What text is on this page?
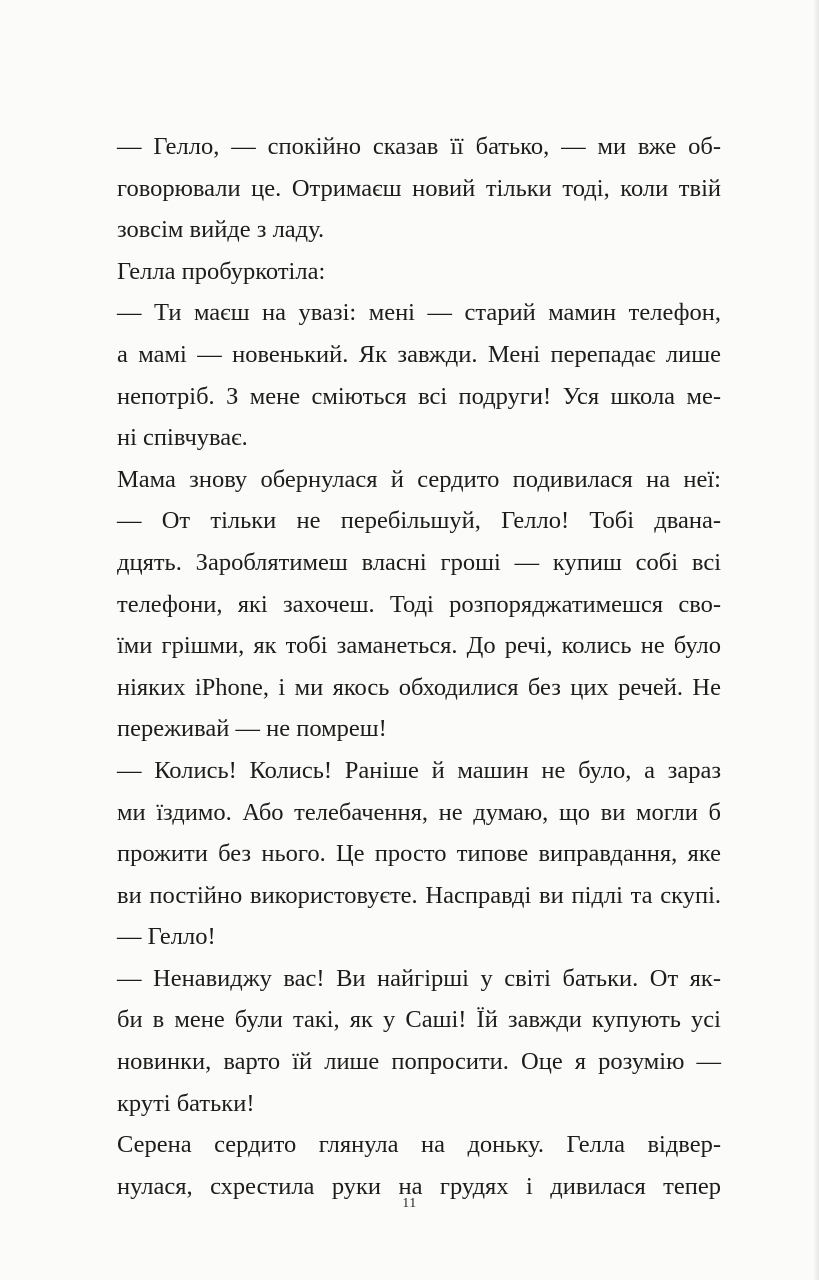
— Гелло, — спокійно сказав її батько, — ми вже об-
говорювали це. Отримаєш новий тільки тоді, коли твій
зовсім вийде з ладу.
Гелла пробуркотіла:
— Ти маєш на увазі: мені — старий мамин телефон,
а мамі — новенький. Як завжди. Мені перепадає лише
непотріб. З мене сміються всі подруги! Уся школа ме-
ні співчуває.
Мама знову обернулася й сердито подивилася на неї:
— От тільки не перебільшуй, Гелло! Тобі двана-
дцять. Зароблятимеш власні гроші — купиш собі всі
телефони, які захочеш. Тоді розпоряджатимешся сво-
їми грішми, як тобі заманеться. До речі, колись не було
ніяких iPhone, і ми якось обходилися без цих речей. Не
переживай — не помреш!
— Колись! Колись! Раніше й машин не було, а зараз
ми їздимо. Або телебачення, не думаю, що ви могли б
прожити без нього. Це просто типове виправдання, яке
ви постійно використовуєте. Насправді ви підлі та скупі.
— Гелло!
— Ненавиджу вас! Ви найгірші у світі батьки. От як-
би в мене були такі, як у Саші! Їй завжди купують усі
новинки, варто їй лише попросити. Оце я розумію —
круті батьки!
Серена сердито глянула на доньку. Гелла відвер-
нулася, схрестила руки на грудях і дивилася тепер
11
